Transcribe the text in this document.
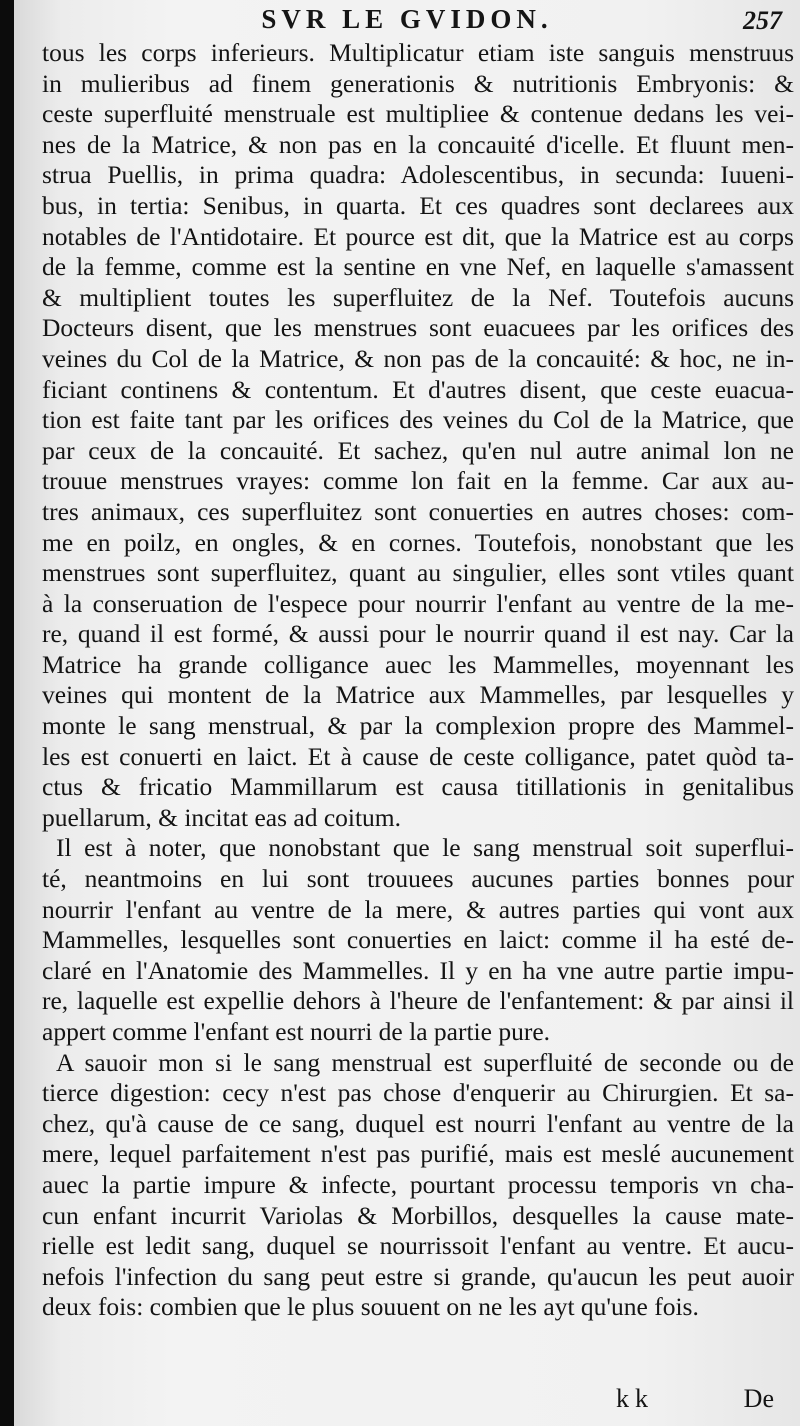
SVR LE GVIDON.	257
tous les corps inferieurs. Multiplicatur etiam iste sanguis menstruus
in mulieribus ad finem generationis & nutritionis Embryonis: &
ceste superfluité menstruale est multipliee & contenue dedans les vei-
nes de la Matrice, & non pas en la concauité d'icelle. Et fluunt men-
strua Puellis, in prima quadra: Adolescentibus, in secunda: Iuueni-
bus, in tertia: Senibus, in quarta. Et ces quadres sont declarees aux
notables de l'Antidotaire. Et pource est dit, que la Matrice est au corps
de la femme, comme est la sentine en vne Nef, en laquelle s'amassent
& multiplient toutes les superfluitez de la Nef. Toutefois aucuns
Docteurs disent, que les menstrues sont euacuees par les orifices des
veines du Col de la Matrice, & non pas de la concauité: & hoc, ne in-
ficiant continens & contentum. Et d'autres disent, que ceste euacua-
tion est faite tant par les orifices des veines du Col de la Matrice, que
par ceux de la concauité. Et sachez, qu'en nul autre animal lon ne
trouue menstrues vrayes: comme lon fait en la femme. Car aux au-
tres animaux, ces superfluitez sont conuerties en autres choses: com-
me en poilz, en ongles, & en cornes. Toutefois, nonobstant que les
menstrues sont superfluitez, quant au singulier, elles sont vtiles quant
à la conseruation de l'espece pour nourrir l'enfant au ventre de la me-
re, quand il est formé, & aussi pour le nourrir quand il est nay. Car la
Matrice ha grande colligance auec les Mammelles, moyennant les
veines qui montent de la Matrice aux Mammelles, par lesquelles y
monte le sang menstrual, & par la complexion propre des Mammel-
les est conuerti en laict. Et à cause de ceste colligance, patet quòd ta-
ctus & fricatio Mammillarum est causa titillationis in genitalibus
puellarum, & incitat eas ad coitum.
Il est à noter, que nonobstant que le sang menstrual soit superflui-
té, neantmoins en lui sont trouuees aucunes parties bonnes pour
nourrir l'enfant au ventre de la mere, & autres parties qui vont aux
Mammelles, lesquelles sont conuerties en laict: comme il ha esté de-
claré en l'Anatomie des Mammelles. Il y en ha vne autre partie impu-
re, laquelle est expellie dehors à l'heure de l'enfantement: & par ainsi il
appert comme l'enfant est nourri de la partie pure.
A sauoir mon si le sang menstrual est superfluité de seconde ou de
tierce digestion: cecy n'est pas chose d'enquerir au Chirurgien. Et sa-
chez, qu'à cause de ce sang, duquel est nourri l'enfant au ventre de la
mere, lequel parfaitement n'est pas purifié, mais est meslé aucunement
auec la partie impure & infecte, pourtant processu temporis vn cha-
cun enfant incurrit Variolas & Morbillos, desquelles la cause mate-
rielle est ledit sang, duquel se nourrissoit l'enfant au ventre. Et aucu-
nefois l'infection du sang peut estre si grande, qu'aucun les peut auoir
deux fois: combien que le plus souuent on ne les ayt qu'une fois.
kk	De
